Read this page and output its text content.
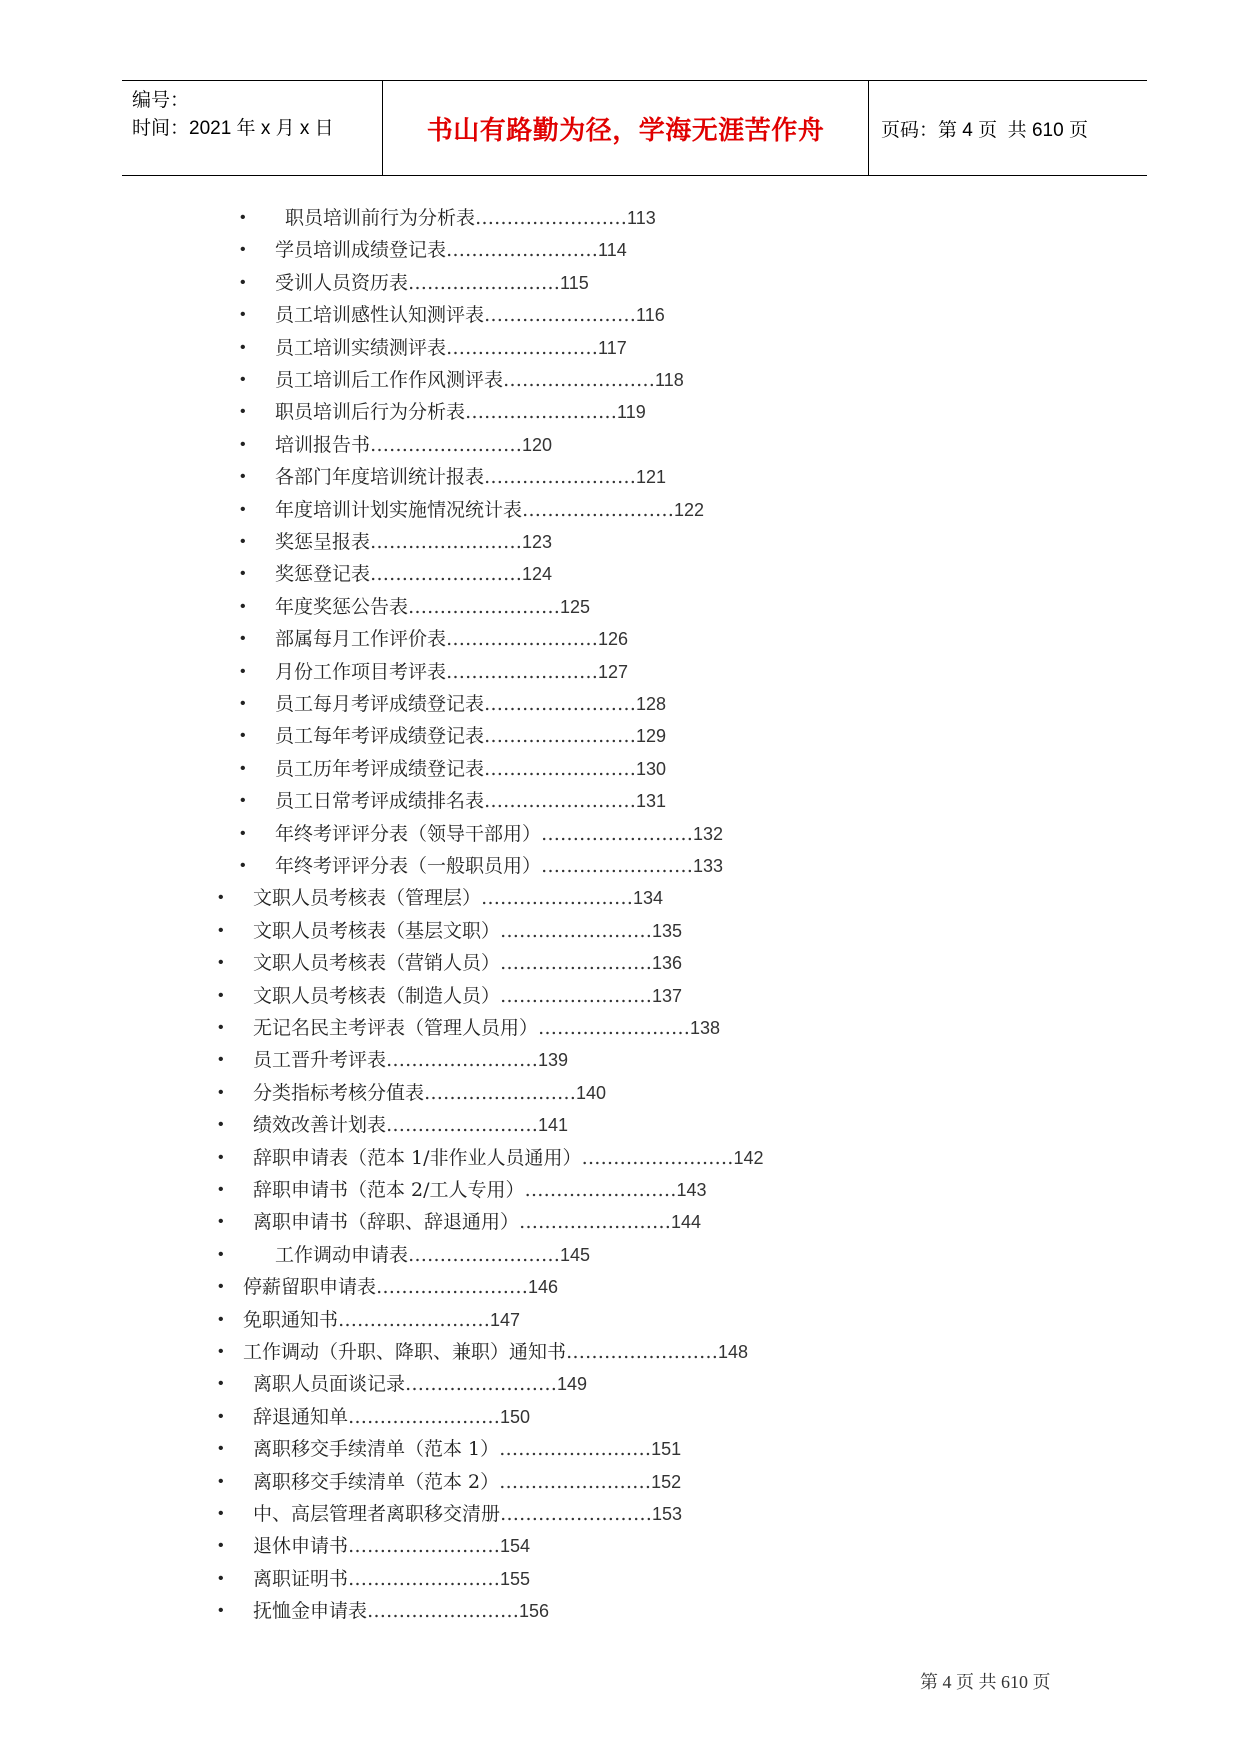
编号：
时间：2021 年 x 月 x 日	书山有路勤为径，学海无涯苦作舟	页码：第 4 页  共 610 页
• 职员培训前行为分析表……………………113
• 学员培训成绩登记表……………………114
• 受训人员资历表……………………115
• 员工培训感性认知测评表……………………116
• 员工培训实绩测评表……………………117
• 员工培训后工作作风测评表……………………118
• 职员培训后行为分析表……………………119
• 培训报告书……………………120
• 各部门年度培训统计报表……………………121
• 年度培训计划实施情况统计表……………………122
• 奖惩呈报表……………………123
• 奖惩登记表……………………124
• 年度奖惩公告表……………………125
• 部属每月工作评价表……………………126
• 月份工作项目考评表……………………127
• 员工每月考评成绩登记表……………………128
• 员工每年考评成绩登记表……………………129
• 员工历年考评成绩登记表……………………130
• 员工日常考评成绩排名表……………………131
• 年终考评评分表（领导干部用）……………………132
• 年终考评评分表（一般职员用）……………………133
• 文职人员考核表（管理层）……………………134
• 文职人员考核表（基层文职）……………………135
• 文职人员考核表（营销人员）……………………136
• 文职人员考核表（制造人员）……………………137
• 无记名民主考评表（管理人员用）……………………138
• 员工晋升考评表……………………139
• 分类指标考核分值表……………………140
• 绩效改善计划表……………………141
• 辞职申请表（范本 1/非作业人员通用）……………………142
• 辞职申请书（范本 2/工人专用）……………………143
• 离职申请书（辞职、辞退通用）……………………144
•	工作调动申请表……………………145
• 停薪留职申请表……………………146
• 免职通知书……………………147
• 工作调动（升职、降职、兼职）通知书……………………148
• 离职人员面谈记录……………………149
• 辞退通知单……………………150
• 离职移交手续清单（范本 1）……………………151
• 离职移交手续清单（范本 2）……………………152
• 中、高层管理者离职移交清册……………………153
• 退休申请书……………………154
• 离职证明书……………………155
• 抚恤金申请表……………………156
第 4 页 共 610 页
